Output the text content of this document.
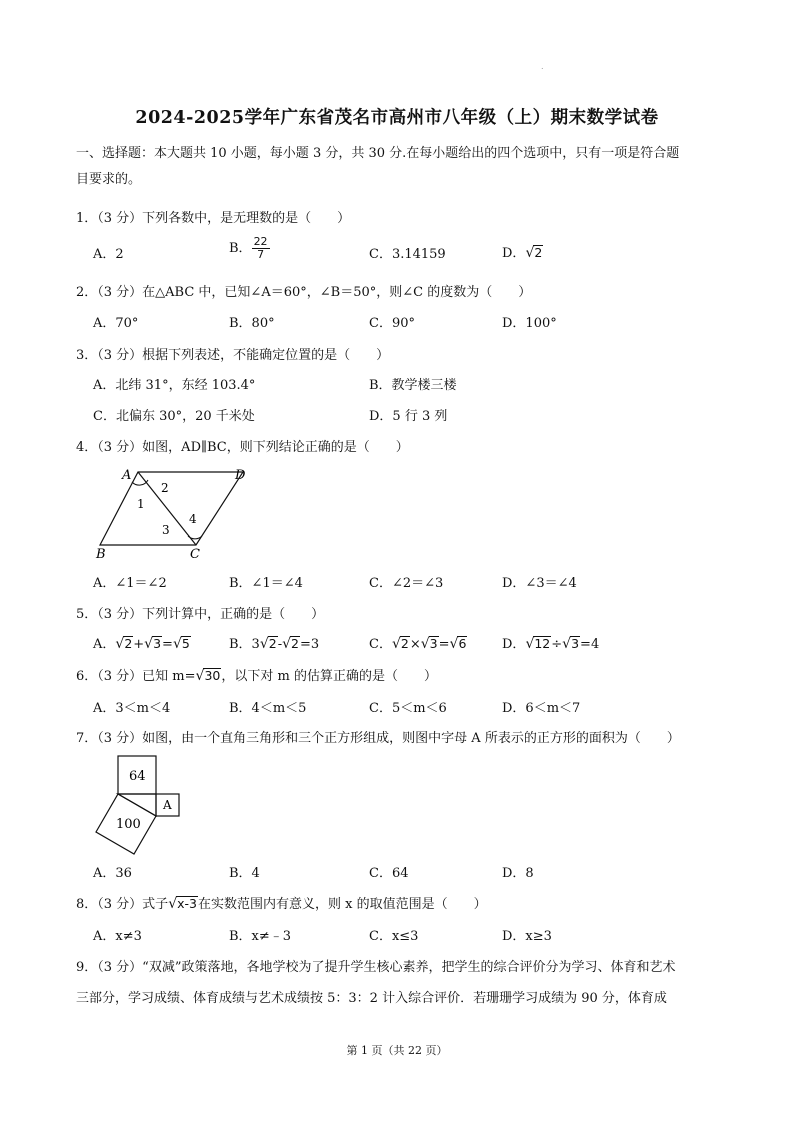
.
2024-2025学年广东省茂名市高州市八年级（上）期末数学试卷
一、选择题：本大题共 10 小题，每小题 3 分，共 30 分.在每小题给出的四个选项中，只有一项是符合题
目要求的。
1．（3 分）下列各数中，是无理数的是（　　）
A．2	B． $\frac{22}{7}$	C．3.14159	D．√2
2．（3 分）在△ABC 中，已知∠A＝60°，∠B＝50°，则∠C 的度数为（　　）
A．70°	B．80°	C．90°	D．100°
3．（3 分）根据下列表述，不能确定位置的是（　　）
A．北纬 31°，东经 103.4°	B．教学楼三楼
C．北偏东 30°，20 千米处	D．5 行 3 列
4．（3 分）如图，AD∥BC，则下列结论正确的是（　　）
A	D
B	C
1
2
3
4
A．∠1＝∠2	B．∠1＝∠4	C．∠2＝∠3	D．∠3＝∠4
5．（3 分）下列计算中，正确的是（　　）
A．√2+√3=√5	B．3√2-√2=3	C．√2×√3=√6	D．√12÷√3=4
6．（3 分）已知 m=√30，以下对 m 的估算正确的是（　　）
A．3＜m＜4	B．4＜m＜5	C．5＜m＜6	D．6＜m＜7
7．（3 分）如图，由一个直角三角形和三个正方形组成，则图中字母 A 所表示的正方形的面积为（　　）
64
A
100
A．36	B．4	C．64	D．8
8．（3 分）式子√x-3在实数范围内有意义，则 x 的取值范围是（　　）
A．x≠3	B．x≠﹣3	C．x≤3	D．x≥3
9．（3 分）“双减”政策落地，各地学校为了提升学生核心素养，把学生的综合评价分为学习、体育和艺术
三部分，学习成绩、体育成绩与艺术成绩按 5：3：2 计入综合评价．若珊珊学习成绩为 90 分，体育成
第 1 页（共 22 页）
